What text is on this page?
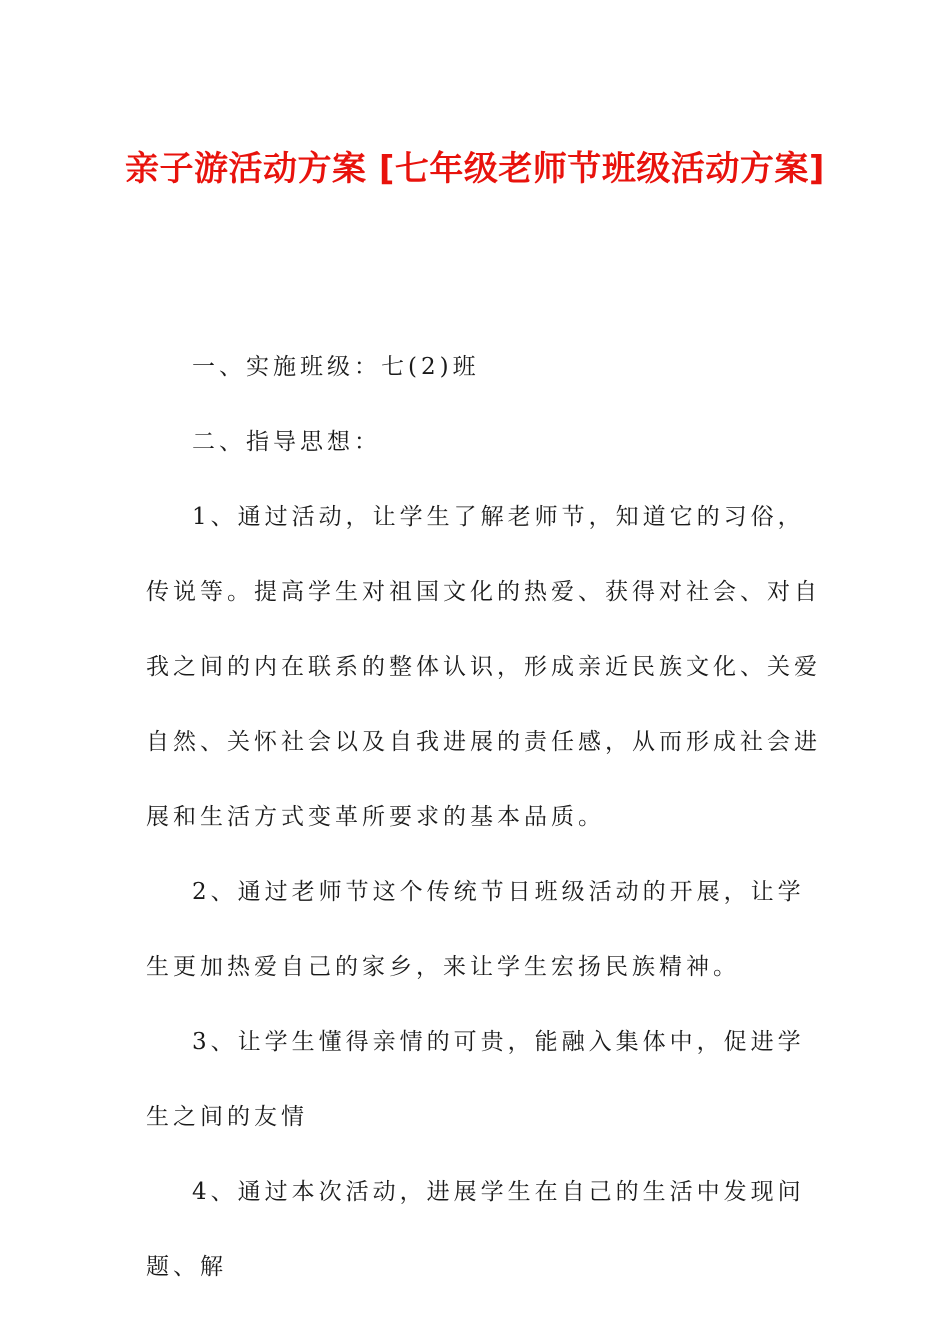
亲子游活动方案 [七年级老师节班级活动方案]

一、实施班级：七(2)班

二、指导思想：

1、通过活动，让学生了解老师节，知道它的习俗，传说等。提高学生对祖国文化的热爱、获得对社会、对自我之间的内在联系的整体认识，形成亲近民族文化、关爱自然、关怀社会以及自我进展的责任感，从而形成社会进展和生活方式变革所要求的基本品质。

2、通过老师节这个传统节日班级活动的开展，让学生更加热爱自己的家乡，来让学生宏扬民族精神。

3、让学生懂得亲情的可贵，能融入集体中，促进学生之间的友情

4、通过本次活动，进展学生在自己的生活中发现问题、解
